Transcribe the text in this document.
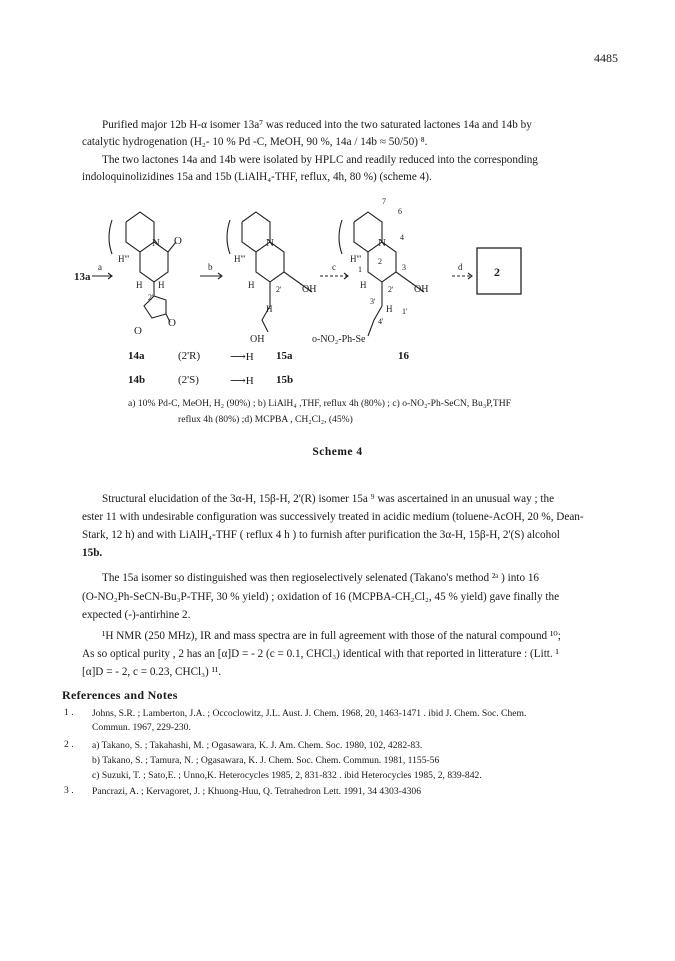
4485
Purified major 12b H-α isomer 13a⁷ was reduced into the two saturated lactones 14a and 14b by
catalytic hydrogenation (H₂- 10 % Pd -C, MeOH, 90 %, 14a / 14b ≈ 50/50) ⁸.
The two lactones 14a and 14b were isolated by HPLC and readily reduced into the corresponding
indoloquinolizidines 15a and 15b (LiAlH₄-THF, reflux, 4h, 80 %) (scheme 4).
13a
a	b	c	d	2
N O
H'''
H H
2'
O
O
N
H'''
H	2' OH
H
OH
N
7
6
4
H'''
1
2
3
H	2' OH
3'
H 1'
4'
o-NO₂-Ph-Se
14a	(2'R)	⟶H 15a	16
14b	(2'S)	⟶H 15b
a) 10% Pd-C, MeOH, H₂ (90%) ; b) LiAlH₄ ,THF, reflux 4h (80%) ; c) o-NO₂-Ph-SeCN, Bu₃P,THF
reflux 4h (80%) ;d) MCPBA , CH₂Cl₂, (45%)
Scheme 4
Structural elucidation of the 3α-H, 15β-H, 2'(R) isomer 15a ⁹ was ascertained in an unusual way ; the
ester 11 with undesirable configuration was successively treated in acidic medium (toluene-AcOH, 20 %, Dean-
Stark, 12 h) and with LiAlH₄-THF ( reflux 4 h ) to furnish after purification the 3α-H, 15β-H, 2'(S) alcohol
15b.
The 15a isomer so distinguished was then regioselectively selenated (Takano's method ²ᵃ ) into 16
(O-NO₂Ph-SeCN-Bu₃P-THF, 30 % yield) ; oxidation of 16 (MCPBA-CH₂Cl₂, 45 % yield) gave finally the
expected (-)-antirhine 2.
¹H NMR (250 MHz), IR and mass spectra are in full agreement with those of the natural compound ¹⁰;
As so optical purity , 2 has an [α]D = - 2 (c = 0.1, CHCl₃) identical with that reported in litterature : (Litt. ¹
[α]D = - 2, c = 0.23, CHCl₃) ¹¹.
References and Notes
1 . Johns, S.R. ; Lamberton, J.A. ; Occoclowitz, J.L. Aust. J. Chem. 1968, 20, 1463-1471 . ibid J. Chem. Soc. Chem.
Commun. 1967, 229-230.
2 . a) Takano, S. ; Takahashi, M. ; Ogasawara, K. J. Am. Chem. Soc. 1980, 102, 4282-83.
b) Takano, S. ; Tamura, N. ; Ogasawara, K. J. Chem. Soc. Chem. Commun. 1981, 1155-56
c) Suzuki, T. ; Sato,E. ; Unno,K. Heterocycles 1985, 2, 831-832 . ibid Heterocycles 1985, 2, 839-842.
3 . Pancrazi, A. ; Kervagoret, J. ; Khuong-Huu, Q. Tetrahedron Lett. 1991, 34 4303-4306
